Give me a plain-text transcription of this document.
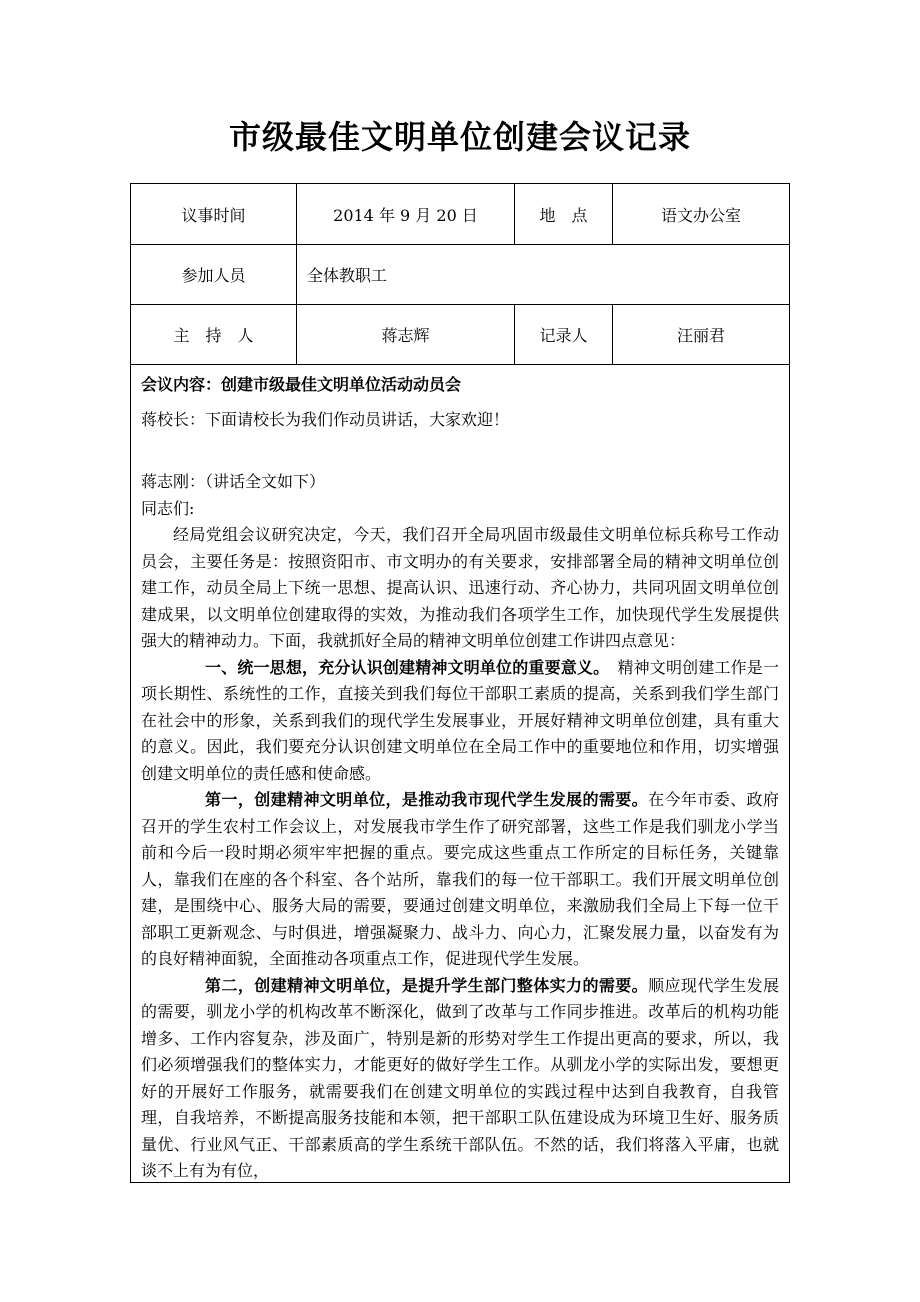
市级最佳文明单位创建会议记录
议事时间	2014 年 9 月 20 日	地　点	语文办公室
参加人员	全体教职工
主　持　人	蒋志辉	记录人	汪丽君

会议内容：创建市级最佳文明单位活动动员会

蒋校长：下面请校长为我们作动员讲话，大家欢迎！

蒋志刚：（讲话全文如下）

同志们:

经局党组会议研究决定，今天，我们召开全局巩固市级最佳文明单位标兵称号工作动员会，主要任务是：按照资阳市、市文明办的有关要求，安排部署全局的精神文明单位创建工作，动员全局上下统一思想、提高认识、迅速行动、齐心协力，共同巩固文明单位创建成果，以文明单位创建取得的实效，为推动我们各项学生工作，加快现代学生发展提供强大的精神动力。下面，我就抓好全局的精神文明单位创建工作讲四点意见：

一、统一思想，充分认识创建精神文明单位的重要意义。　 精神文明创建工作是一项长期性、系统性的工作，直接关到我们每位干部职工素质的提高，关系到我们学生部门在社会中的形象，关系到我们的现代学生发展事业，开展好精神文明单位创建，具有重大的意义。因此，我们要充分认识创建文明单位在全局工作中的重要地位和作用，切实增强创建文明单位的责任感和使命感。

第一，创建精神文明单位，是推动我市现代学生发展的需要。在今年市委、政府召开的学生农村工作会议上，对发展我市学生作了研究部署，这些工作是我们驯龙小学当前和今后一段时期必须牢牢把握的重点。要完成这些重点工作所定的目标任务，关键靠人，靠我们在座的各个科室、各个站所，靠我们的每一位干部职工。我们开展文明单位创建，是围绕中心、服务大局的需要，要通过创建文明单位，来激励我们全局上下每一位干部职工更新观念、与时俱进，增强凝聚力、战斗力、向心力，汇聚发展力量，以奋发有为的良好精神面貌，全面推动各项重点工作，促进现代学生发展。

第二，创建精神文明单位，是提升学生部门整体实力的需要。顺应现代学生发展的需要，驯龙小学的机构改革不断深化，做到了改革与工作同步推进。改革后的机构功能增多、工作内容复杂，涉及面广，特别是新的形势对学生工作提出更高的要求，所以，我们必须增强我们的整体实力，才能更好的做好学生工作。从驯龙小学的实际出发，要想更好的开展好工作服务，就需要我们在创建文明单位的实践过程中达到自我教育，自我管理，自我培养，不断提高服务技能和本领，把干部职工队伍建设成为环境卫生好、服务质量优、行业风气正、干部素质高的学生系统干部队伍。不然的话，我们将落入平庸，也就谈不上有为有位，
